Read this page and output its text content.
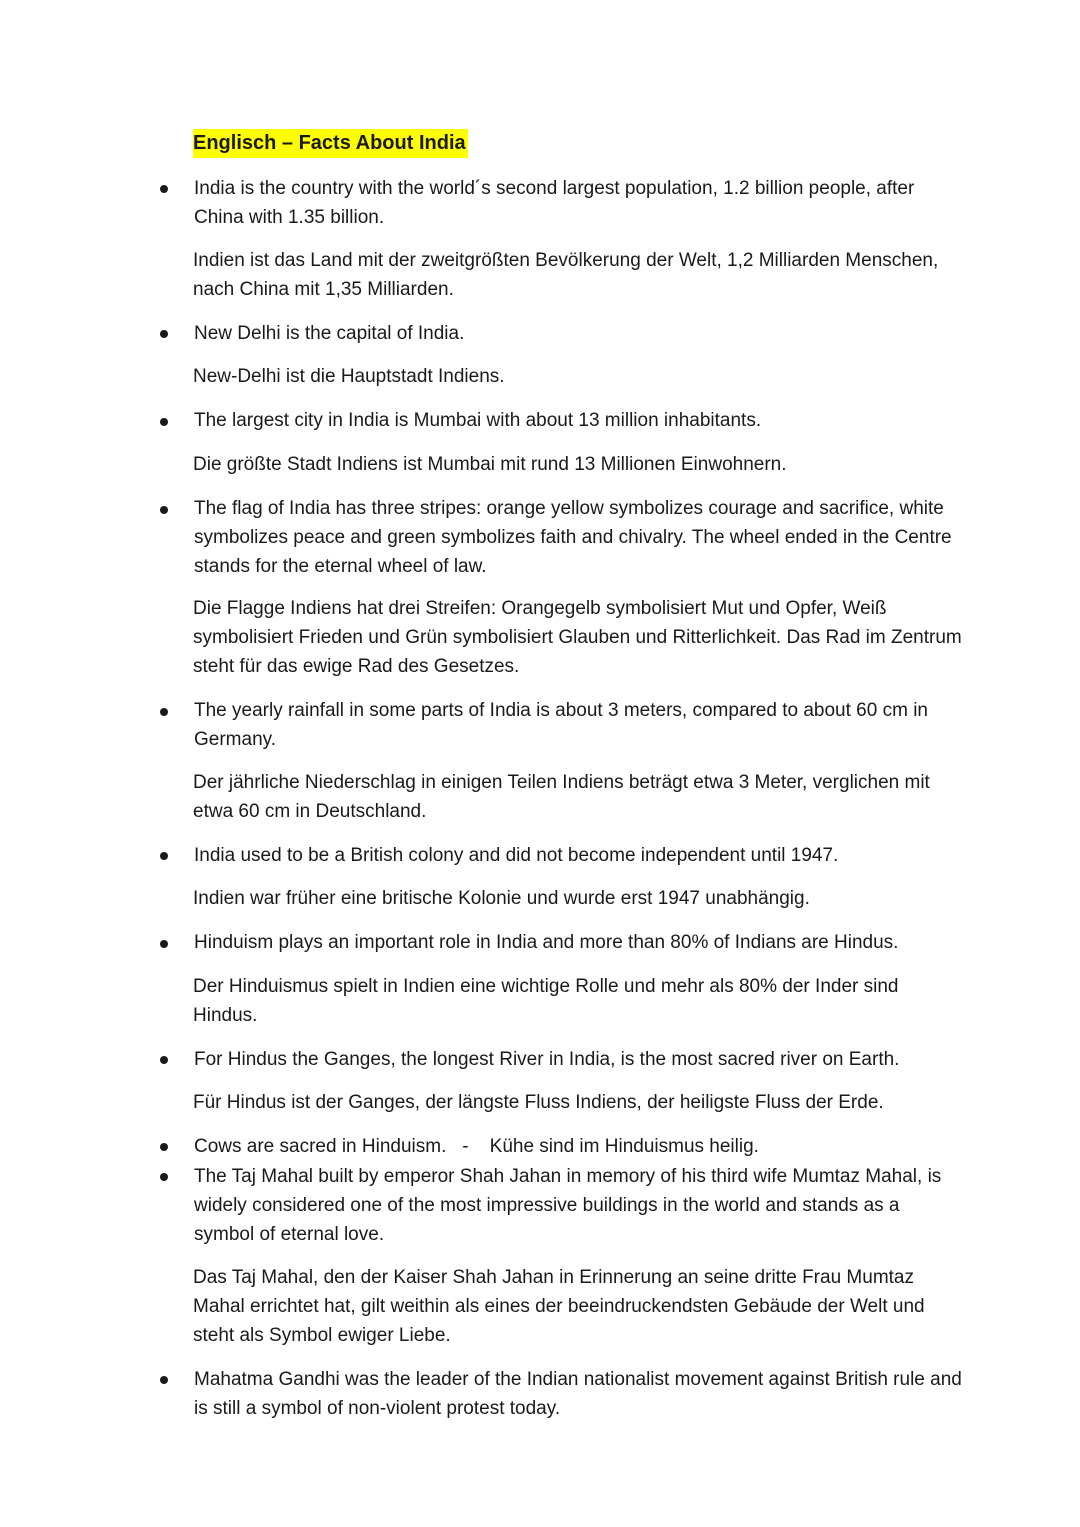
Englisch – Facts About India

India is the country with the world´s second largest population, 1.2 billion people, after China with 1.35 billion.

Indien ist das Land mit der zweitgrößten Bevölkerung der Welt, 1,2 Milliarden Menschen, nach China mit 1,35 Milliarden.

New Delhi is the capital of India.

New-Delhi ist die Hauptstadt Indiens.

The largest city in India is Mumbai with about 13 million inhabitants.

Die größte Stadt Indiens ist Mumbai mit rund 13 Millionen Einwohnern.

The flag of India has three stripes: orange yellow symbolizes courage and sacrifice, white symbolizes peace and green symbolizes faith and chivalry. The wheel ended in the Centre stands for the eternal wheel of law.

Die Flagge Indiens hat drei Streifen: Orangegelb symbolisiert Mut und Opfer, Weiß symbolisiert Frieden und Grün symbolisiert Glauben und Ritterlichkeit. Das Rad im Zentrum steht für das ewige Rad des Gesetzes.

The yearly rainfall in some parts of India is about 3 meters, compared to about 60 cm in Germany.

Der jährliche Niederschlag in einigen Teilen Indiens beträgt etwa 3 Meter, verglichen mit etwa 60 cm in Deutschland.

India used to be a British colony and did not become independent until 1947.

Indien war früher eine britische Kolonie und wurde erst 1947 unabhängig.

Hinduism plays an important role in India and more than 80% of Indians are Hindus.

Der Hinduismus spielt in Indien eine wichtige Rolle und mehr als 80% der Inder sind Hindus.

For Hindus the Ganges, the longest River in India, is the most sacred river on Earth.

Für Hindus ist der Ganges, der längste Fluss Indiens, der heiligste Fluss der Erde.

Cows are sacred in Hinduism.   -    Kühe sind im Hinduismus heilig.

The Taj Mahal built by emperor Shah Jahan in memory of his third wife Mumtaz Mahal, is widely considered one of the most impressive buildings in the world and stands as a symbol of eternal love.

Das Taj Mahal, den der Kaiser Shah Jahan in Erinnerung an seine dritte Frau Mumtaz Mahal errichtet hat, gilt weithin als eines der beeindruckendsten Gebäude der Welt und steht als Symbol ewiger Liebe.

Mahatma Gandhi was the leader of the Indian nationalist movement against British rule and is still a symbol of non-violent protest today.
